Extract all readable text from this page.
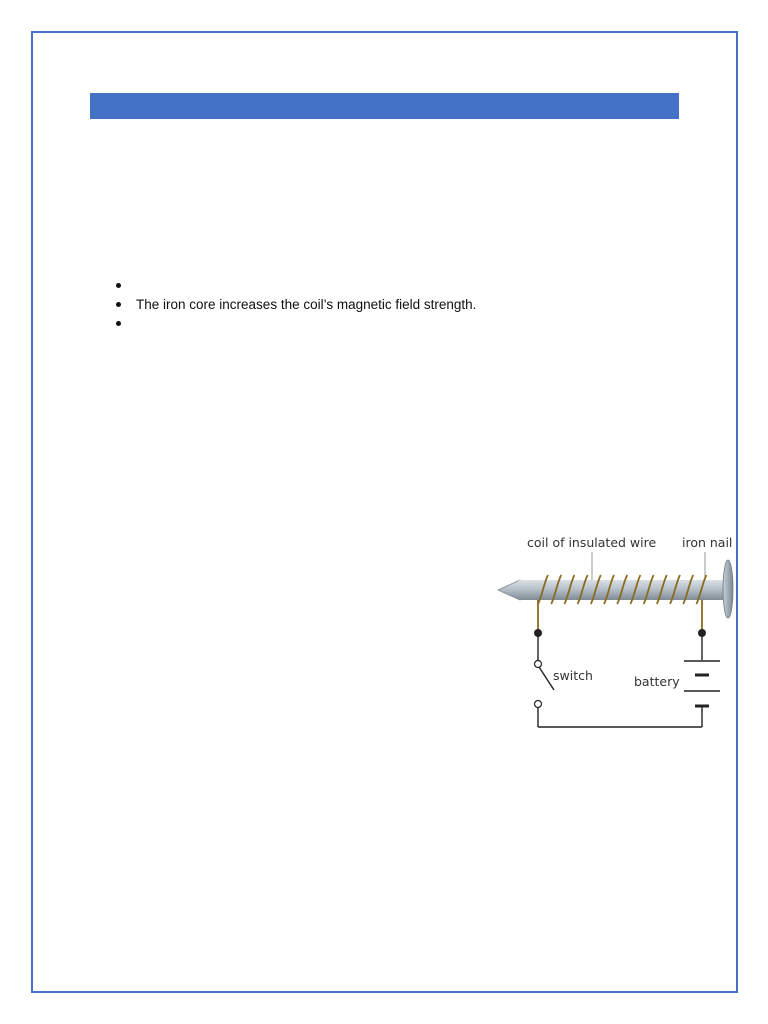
The iron core increases the coil’s magnetic field strength.
coil of insulated wire iron nail
switch	battery
